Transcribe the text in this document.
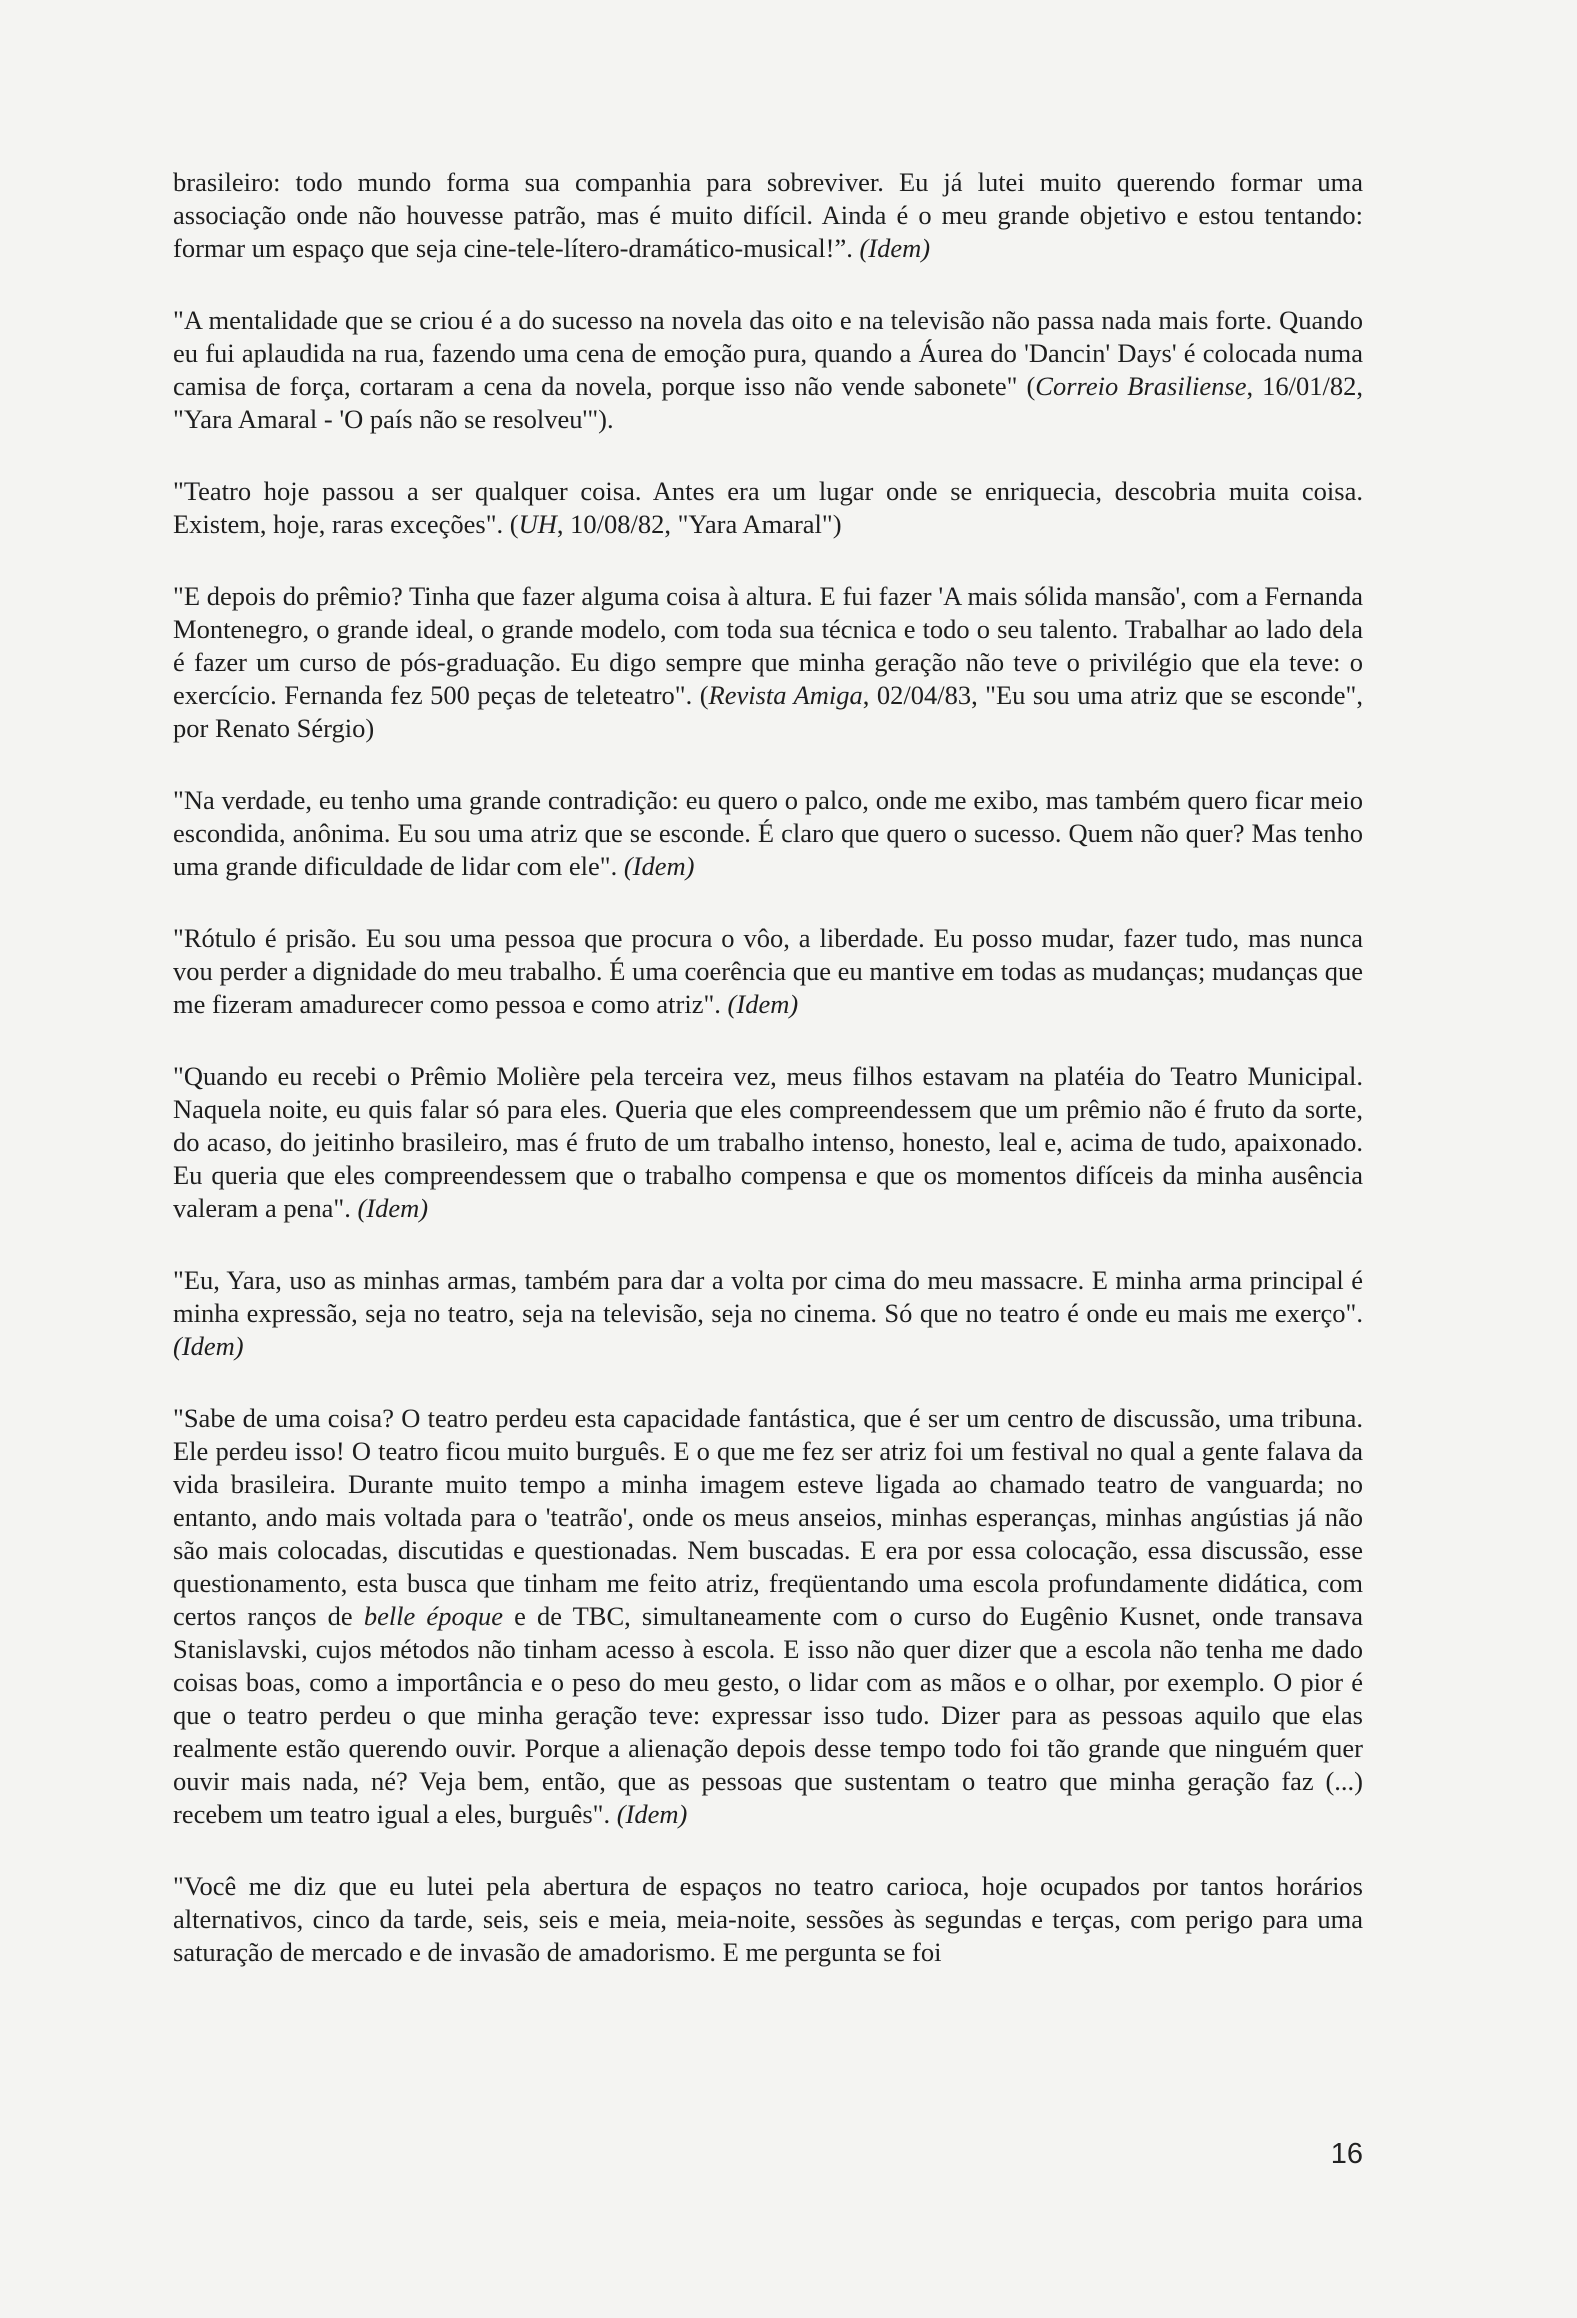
brasileiro: todo mundo forma sua companhia para sobreviver. Eu já lutei muito querendo formar uma associação onde não houvesse patrão, mas é muito difícil. Ainda é o meu grande objetivo e estou tentando: formar um espaço que seja cine-tele-lítero-dramático-musical!”. (Idem)

"A mentalidade que se criou é a do sucesso na novela das oito e na televisão não passa nada mais forte. Quando eu fui aplaudida na rua, fazendo uma cena de emoção pura, quando a Áurea do 'Dancin' Days' é colocada numa camisa de força, cortaram a cena da novela, porque isso não vende sabonete" (Correio Brasiliense, 16/01/82, "Yara Amaral - 'O país não se resolveu'").

"Teatro hoje passou a ser qualquer coisa. Antes era um lugar onde se enriquecia, descobria muita coisa. Existem, hoje, raras exceções". (UH, 10/08/82, "Yara Amaral")

"E depois do prêmio? Tinha que fazer alguma coisa à altura. E fui fazer 'A mais sólida mansão', com a Fernanda Montenegro, o grande ideal, o grande modelo, com toda sua técnica e todo o seu talento. Trabalhar ao lado dela é fazer um curso de pós-graduação. Eu digo sempre que minha geração não teve o privilégio que ela teve: o exercício. Fernanda fez 500 peças de teleteatro". (Revista Amiga, 02/04/83, "Eu sou uma atriz que se esconde", por Renato Sérgio)

"Na verdade, eu tenho uma grande contradição: eu quero o palco, onde me exibo, mas também quero ficar meio escondida, anônima. Eu sou uma atriz que se esconde. É claro que quero o sucesso. Quem não quer? Mas tenho uma grande dificuldade de lidar com ele". (Idem)

"Rótulo é prisão. Eu sou uma pessoa que procura o vôo, a liberdade. Eu posso mudar, fazer tudo, mas nunca vou perder a dignidade do meu trabalho. É uma coerência que eu mantive em todas as mudanças; mudanças que me fizeram amadurecer como pessoa e como atriz". (Idem)

"Quando eu recebi o Prêmio Molière pela terceira vez, meus filhos estavam na platéia do Teatro Municipal. Naquela noite, eu quis falar só para eles. Queria que eles compreendessem que um prêmio não é fruto da sorte, do acaso, do jeitinho brasileiro, mas é fruto de um trabalho intenso, honesto, leal e, acima de tudo, apaixonado. Eu queria que eles compreendessem que o trabalho compensa e que os momentos difíceis da minha ausência valeram a pena". (Idem)

"Eu, Yara, uso as minhas armas, também para dar a volta por cima do meu massacre. E minha arma principal é minha expressão, seja no teatro, seja na televisão, seja no cinema. Só que no teatro é onde eu mais me exerço". (Idem)

"Sabe de uma coisa? O teatro perdeu esta capacidade fantástica, que é ser um centro de discussão, uma tribuna. Ele perdeu isso! O teatro ficou muito burguês. E o que me fez ser atriz foi um festival no qual a gente falava da vida brasileira. Durante muito tempo a minha imagem esteve ligada ao chamado teatro de vanguarda; no entanto, ando mais voltada para o 'teatrão', onde os meus anseios, minhas esperanças, minhas angústias já não são mais colocadas, discutidas e questionadas. Nem buscadas. E era por essa colocação, essa discussão, esse questionamento, esta busca que tinham me feito atriz, freqüentando uma escola profundamente didática, com certos ranços de belle époque e de TBC, simultaneamente com o curso do Eugênio Kusnet, onde transava Stanislavski, cujos métodos não tinham acesso à escola. E isso não quer dizer que a escola não tenha me dado coisas boas, como a importância e o peso do meu gesto, o lidar com as mãos e o olhar, por exemplo. O pior é que o teatro perdeu o que minha geração teve: expressar isso tudo. Dizer para as pessoas aquilo que elas realmente estão querendo ouvir. Porque a alienação depois desse tempo todo foi tão grande que ninguém quer ouvir mais nada, né? Veja bem, então, que as pessoas que sustentam o teatro que minha geração faz (...) recebem um teatro igual a eles, burguês". (Idem)

"Você me diz que eu lutei pela abertura de espaços no teatro carioca, hoje ocupados por tantos horários alternativos, cinco da tarde, seis, seis e meia, meia-noite, sessões às segundas e terças, com perigo para uma saturação de mercado e de invasão de amadorismo. E me pergunta se foi

16
